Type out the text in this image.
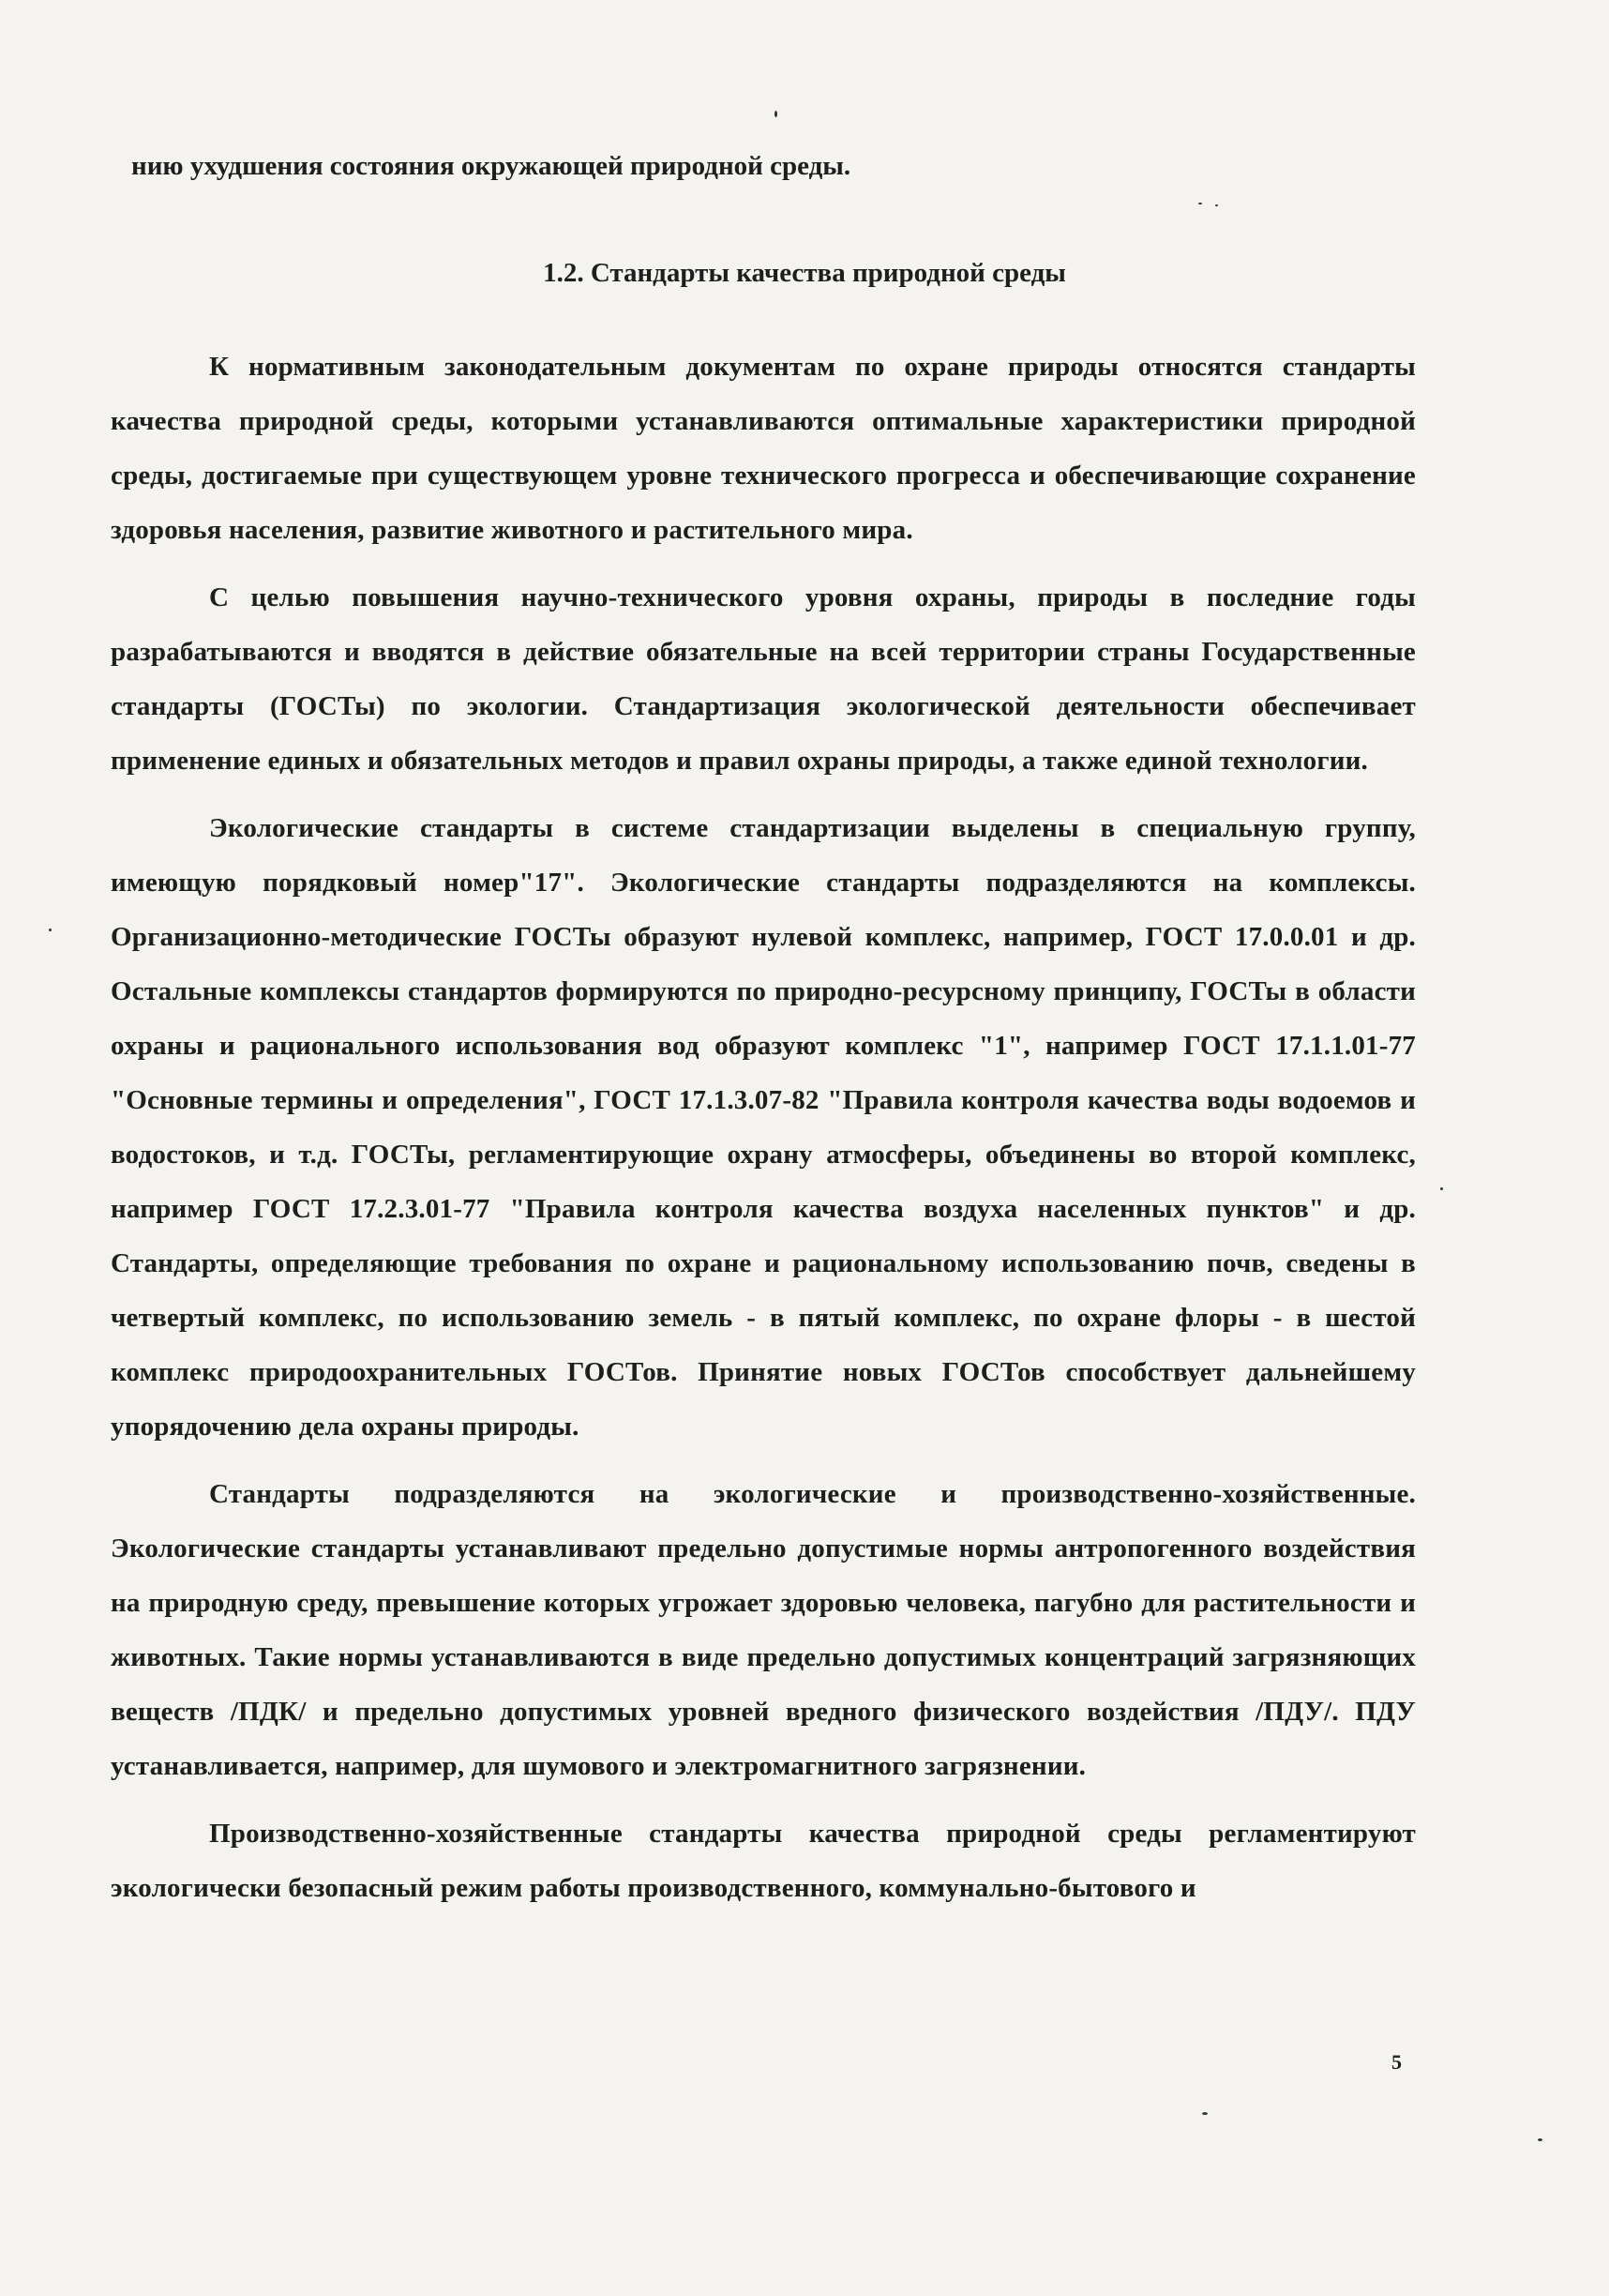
нию ухудшения состояния окружающей природной среды.
1.2. Стандарты качества природной среды

К нормативным законодательным документам по охране природы относятся стандарты качества природной среды, которыми устанавливаются оптимальные характеристики природной среды, достигаемые при существующем уровне технического прогресса и обеспечивающие сохранение здоровья населения, развитие животного и растительного мира.

С целью повышения научно-технического уровня охраны, природы в последние годы разрабатываются и вводятся в действие обязательные на всей территории страны Государственные стандарты (ГОСТы) по экологии. Стандартизация экологической деятельности обеспечивает применение единых и обязательных методов и правил охраны природы, а также единой технологии.

Экологические стандарты в системе стандартизации выделены в специальную группу, имеющую порядковый номер"17". Экологические стандарты подразделяются на комплексы. Организационно-методические ГОСТы образуют нулевой комплекс, например, ГОСТ 17.0.0.01 и др. Остальные комплексы стандартов формируются по природно-ресурсному принципу, ГОСТы в области охраны и рационального использования вод образуют комплекс "1", например ГОСТ 17.1.1.01-77 "Основные термины и определения", ГОСТ 17.1.3.07-82 "Правила контроля качества воды водоемов и водостоков, и т.д. ГОСТы, регламентирующие охрану атмосферы, объединены во второй комплекс, например ГОСТ 17.2.3.01-77 "Правила контроля качества воздуха населенных пунктов" и др. Стандарты, определяющие требования по охране и рациональному использованию почв, сведены в четвертый комплекс, по использованию земель - в пятый комплекс, по охране флоры - в шестой комплекс природоохранительных ГОСТов. Принятие новых ГОСТов способствует дальнейшему упорядочению дела охраны природы.

Стандарты подразделяются на экологические и производственно-хозяйственные. Экологические стандарты устанавливают предельно допустимые нормы антропогенного воздействия на природную среду, превышение которых угрожает здоровью человека, пагубно для растительности и животных. Такие нормы устанавливаются в виде предельно допустимых концентраций загрязняющих веществ /ПДК/ и предельно допустимых уровней вредного физического воздействия /ПДУ/. ПДУ устанавливается, например, для шумового и электромагнитного загрязнении.

Производственно-хозяйственные стандарты качества природной среды регламентируют экологически безопасный режим работы производственного, коммунально-бытового и

5
